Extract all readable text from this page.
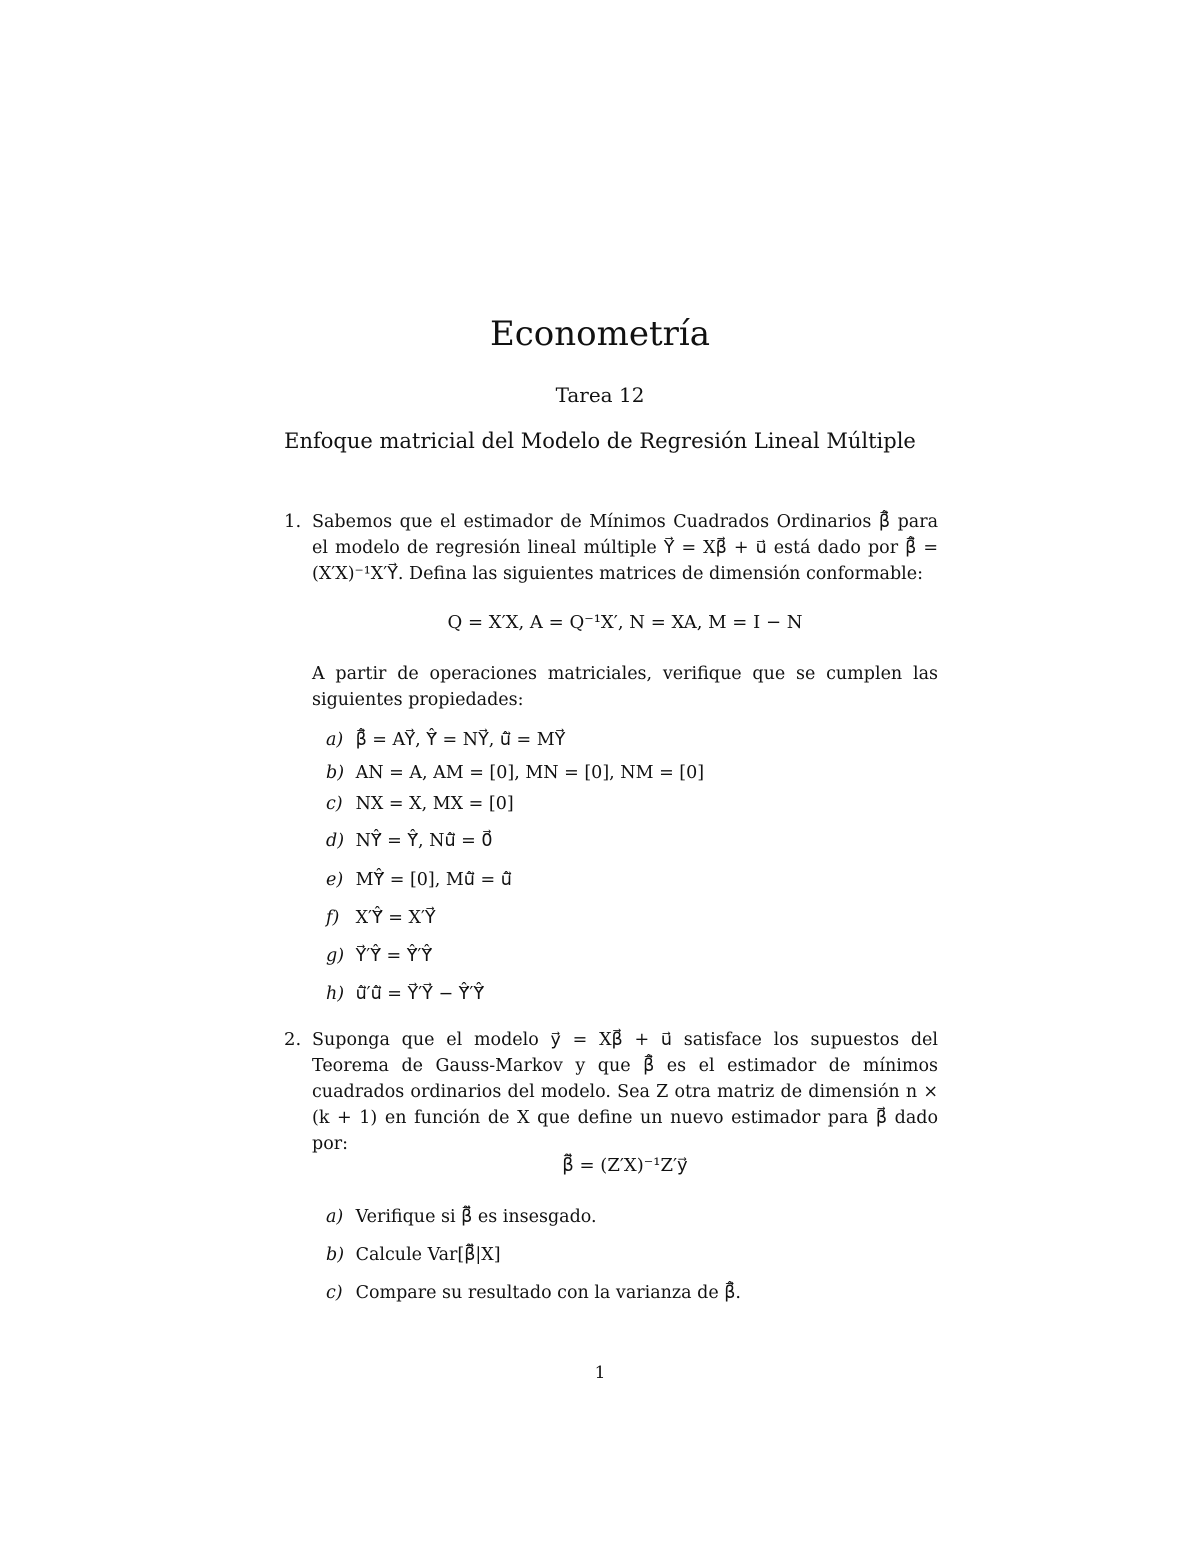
Econometría
Tarea 12
Enfoque matricial del Modelo de Regresión Lineal Múltiple
1. Sabemos que el estimador de Mínimos Cuadrados Ordinarios β̂⃗ para el modelo de regresión lineal múltiple Y⃗ = Xβ⃗ + u⃗ está dado por β̂⃗ = (X′X)⁻¹X′Y⃗. Defina las siguientes matrices de dimensión conformable:
Q = X′X, A = Q⁻¹X′, N = XA, M = I − N
A partir de operaciones matriciales, verifique que se cumplen las siguientes propiedades:
a) β̂⃗ = AY⃗, Ŷ⃗ = NY⃗, û⃗ = MY⃗
b) AN = A, AM = [0], MN = [0], NM = [0]
c) NX = X, MX = [0]
d) NŶ⃗ = Ŷ⃗, Nû⃗ = 0⃗
e) MŶ⃗ = [0], Mû⃗ = û⃗
f) X′Ŷ⃗ = X′Y⃗
g) Y⃗′Ŷ⃗ = Ŷ⃗′Ŷ⃗
h) û⃗′û⃗ = Y⃗′Y⃗ − Ŷ⃗′Ŷ⃗
2. Suponga que el modelo y⃗ = Xβ⃗ + u⃗ satisface los supuestos del Teorema de Gauss-Markov y que β̂⃗ es el estimador de mínimos cuadrados ordinarios del modelo. Sea Z otra matriz de dimensión n × (k + 1) en función de X que define un nuevo estimador para β⃗ dado por:
β̃⃗ = (Z′X)⁻¹Z′y⃗
a) Verifique si β̃⃗ es insesgado.
b) Calcule Var[β̃⃗|X]
c) Compare su resultado con la varianza de β̂⃗.
1
